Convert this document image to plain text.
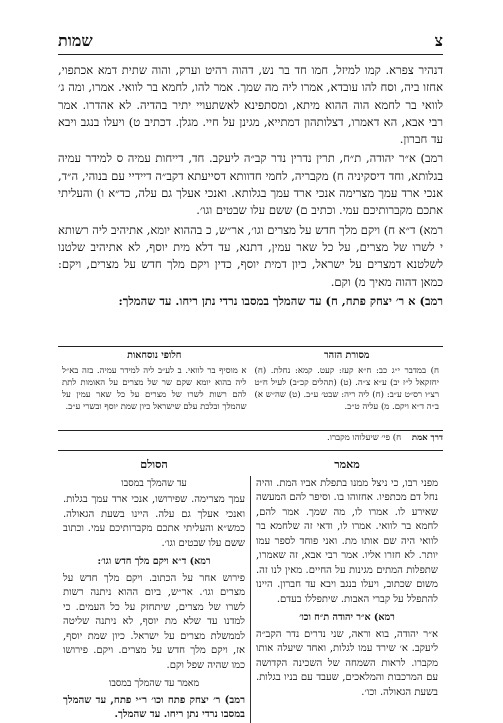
צ
שמות

דנהיר צפרא. קמו למיזל, חמו חד בר נש, דהוה רהיט וערק, והוה שתית דמא אכתפוי, אחזו ביה, וסח להו עובדא, אמרו ליה מה שמך. אמר להו, לחמא בר לוואי. אמרו, ומה ג׳ לוואי בר לחמא הוה ההוא מיתא, ומסתפינא לאשתעויי יתיר בהדיה. לא אהדרו. אמר רבי אבא, הא דאמרו, דצלותהון דמתייא, מגינן על חיי. מגלן. דכתיב ט) ויעלו בנגב ויבא עד חברון.

רמב) א״ר יהודה, ת״ח, תרין נדרין נדר קב״ה ליעקב. חד, דייחות עמיה ס למידר עמיה בגלותא, וחד דיסקיניה ח) מקבריה, לחמי חדוותא דסייעתא דקב״ה דיידיי עם בנוהי, ה״ד, אנכי ארד עמך מצרימה אנכי ארד עמך בגלותא. ואנכי אעלך גם עלה, כד״א ו) והעליתי אתכם מקברותיכם עמי. וכתיב ם) ששם עלו שבטים וגו׳.

רמא) ד״א ח) ויקם מלך חדש על מצרים וגו׳, אר״ש, כ בההוא יומא, אתיהיב ליה רשותא י לשרו של מצרים, על כל שאר עמין, דתנא, עד דלא מית יוסף, לא אתיהיב שלטנו לשלטנא דמצרים על ישראל, כיון דמית יוסף, כדין ויקם מלך חדש על מצרים, ויקם: כמאן דהוה מאיך מ) וקם.

רמב) א ר׳ יצחק פתח, ח) עד שהמלך במסבו נרדי נתן ריחו. עד שהמלך:

מסורת הזהר
ח) במדבר י״ג כב: ח״א קעז: קעט. קמא: נחלת. (ח) יחזקאל ל״ז יב) ע״א צ״ה. (ט) (תהלים קכ״ב) לעיל ח״ט רצ״ו רס״ט ע״ב: (ח) ליה ריה: שבט׳ ע״ב. (ט) שה״ש א) ב״ה ד״א ויקם. מ) עליה ט״ב.
חלופי נוסחאות
א מוסיף בר לוואי. ב לע״ב ליה למידר עמיה. בזה בא״ל ליה בהוא יומא שקם שר של מצרים על האומות לתת להם רשות לשרו של מצרים על כל שאר עמין על שהמלך ובלכת עלם שישראל כיון שמת יוסף ובשרי ע״ב.
דרך אמת    ח) פי׳ שיעלוהו מקברו.
מאמר
מפני רבו, כי ניצל ממנו בתפלת אביו המת. והיה נחל דם מכתפיו. אחזוהו בו. וסיפר להם המעשה שאירע לו. אמרו לו, מה שמך. אמר להם, לחמא בר לוואי. אמרו לו, ודאי זה שלחמא בר לוואי היה שם אותו מת. ואני פוחד לספר עמו יותר. לא חזרו אליו. אמר רבי אבא, זה שאמרו, שתפלות המתים מגינות על החיים. מאין לנו זה. משום שכתוב, ויעלו בנגב ויבא עד חברון. היינו להתפלל על קברי האבות. שיתפללו בעדם.
רמא) א״ר יהודה ת״ח וכו׳
א״ר יהודה, בוא וראה, שני נדרים נדר הקב״ה ליעקב. א׳ שירד עמו לגלות, ואחד שיעלה אותו מקברו. לראות השמחה של השכינה הקדושה עם המרכבות והמלאכים, שעבד עם בניו בגלות. בשעת הגאולה. וכו׳.
הסולם
עד שהמלך במסבו
עמך מצרימה. שפירושו, אנכי ארד עמך בגלות. ואנכי אעלך גם עלה. היינו בשעת הגאולה. כמש״א והעליתי אתכם מקברותיכם עמי. וכתוב ששם עלו שבטים וגו׳.
רמא) ד״א ויקם מלך חדש וגו׳:
פירוש אחר על הכתוב. ויקם מלך חדש על מצרים וגו׳. אר״ש, ביום ההוא ניתנה רשות לשרו של מצרים, שיתחזק על כל העמים. כי למדנו עד שלא מת יוסף, לא ניתנה שליטה לממשלת מצרים על ישראל. כיון שמת יוסף, אז, ויקם מלך חדש על מצרים. ויקם. פירושו כמו שהיה שפל וקם.
מאמר עד שהמלך במסבו
רמב) ר׳ יצחק פתח וכו׳ ר״י פתח, עד שהמלך במסבו נרדי נתן ריחו. עד שהמלך.
